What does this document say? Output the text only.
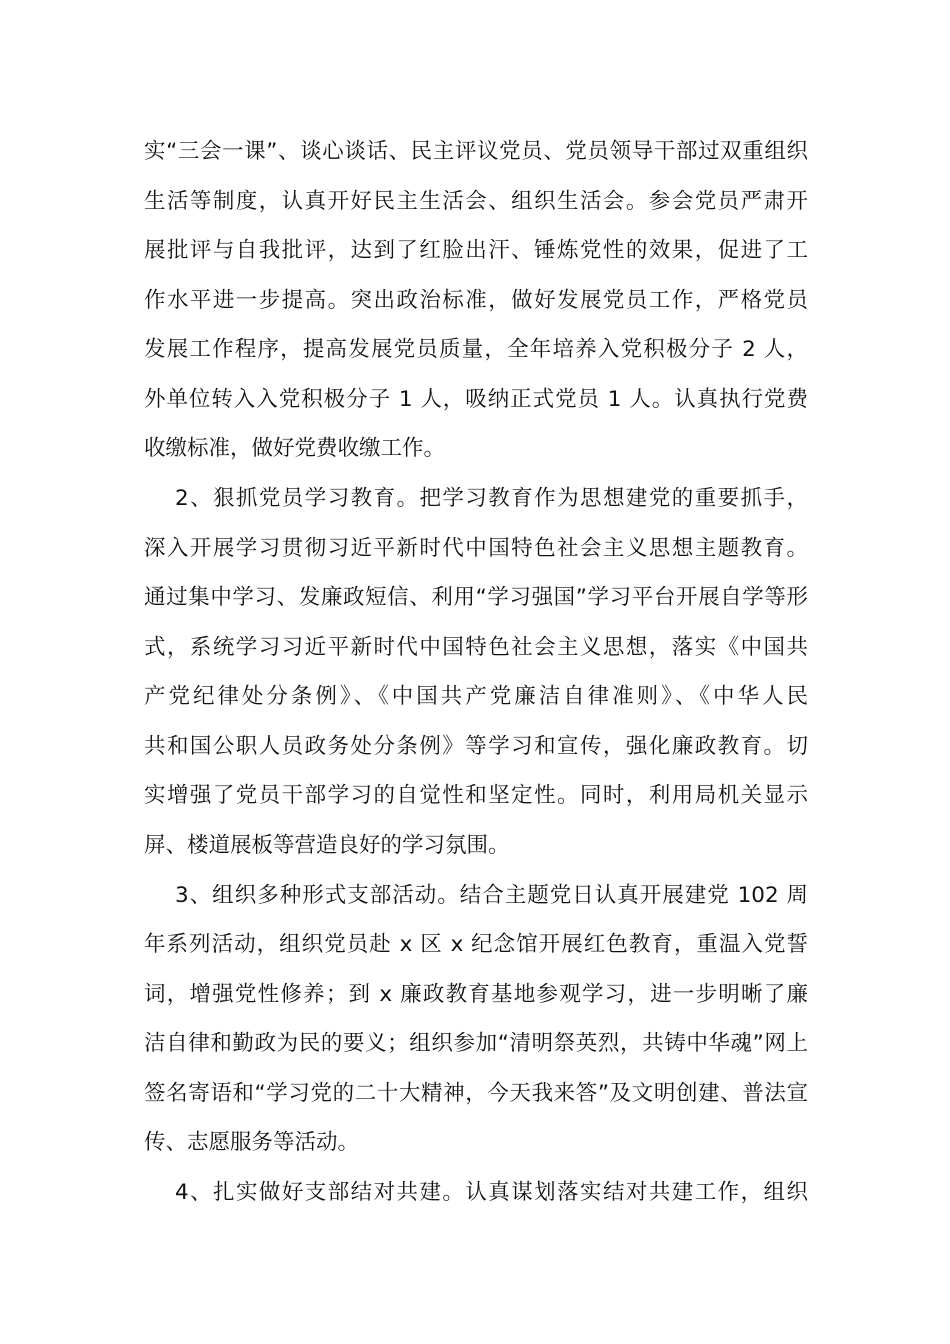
实“三会一课”、谈心谈话、民主评议党员、党员领导干部过双重组织
生活等制度，认真开好民主生活会、组织生活会。参会党员严肃开
展批评与自我批评，达到了红脸出汗、锤炼党性的效果，促进了工
作水平进一步提高。突出政治标准，做好发展党员工作，严格党员
发展工作程序，提高发展党员质量，全年培养入党积极分子 2 人，
外单位转入入党积极分子 1 人，吸纳正式党员 1 人。认真执行党费
收缴标准，做好党费收缴工作。
2、狠抓党员学习教育。把学习教育作为思想建党的重要抓手，
深入开展学习贯彻习近平新时代中国特色社会主义思想主题教育。
通过集中学习、发廉政短信、利用“学习强国”学习平台开展自学等形
式，系统学习习近平新时代中国特色社会主义思想，落实《中国共
产党纪律处分条例》、《中国共产党廉洁自律准则》、《中华人民
共和国公职人员政务处分条例》等学习和宣传，强化廉政教育。切
实增强了党员干部学习的自觉性和坚定性。同时，利用局机关显示
屏、楼道展板等营造良好的学习氛围。
3、组织多种形式支部活动。结合主题党日认真开展建党 102 周
年系列活动，组织党员赴 x 区 x 纪念馆开展红色教育，重温入党誓
词，增强党性修养；到 x 廉政教育基地参观学习，进一步明晰了廉
洁自律和勤政为民的要义；组织参加“清明祭英烈，共铸中华魂”网上
签名寄语和“学习党的二十大精神，今天我来答”及文明创建、普法宣
传、志愿服务等活动。
4、扎实做好支部结对共建。认真谋划落实结对共建工作，组织
